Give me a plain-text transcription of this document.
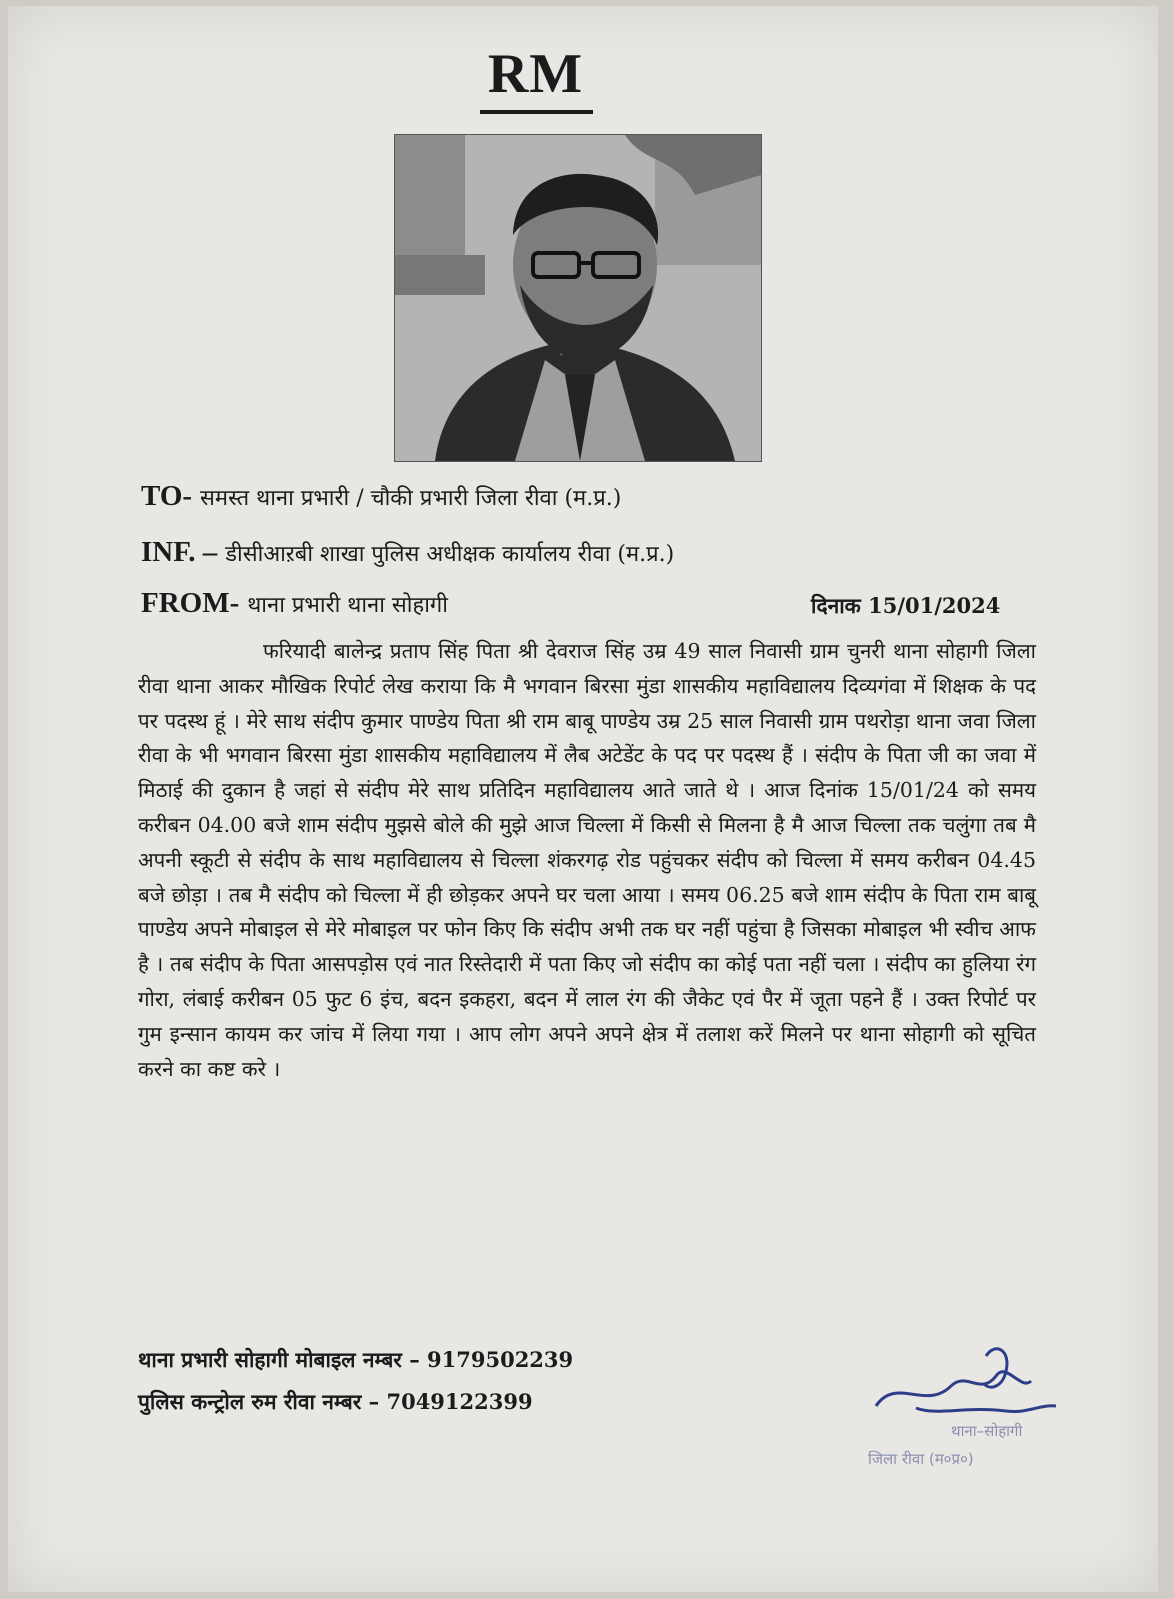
RM
TO- समस्त थाना प्रभारी / चौकी प्रभारी जिला रीवा (म.प्र.)
INF. – डीसीआऱबी शाखा पुलिस अधीक्षक कार्यालय रीवा (म.प्र.)
FROM- थाना प्रभारी थाना सोहागी	दिनाक 15/01/2024

फरियादी बालेन्द्र प्रताप सिंह पिता श्री देवराज सिंह उम्र 49 साल निवासी ग्राम चुनरी थाना सोहागी जिला रीवा थाना आकर मौखिक रिपोर्ट लेख कराया कि मै भगवान बिरसा मुंडा शासकीय महाविद्यालय दिव्यगंवा में शिक्षक के पद पर पदस्थ हूं । मेरे साथ संदीप कुमार पाण्डेय पिता श्री राम बाबू पाण्डेय उम्र 25 साल निवासी ग्राम पथरोड़ा थाना जवा जिला रीवा के भी भगवान बिरसा मुंडा शासकीय महाविद्यालय में लैब अटेडेंट के पद पर पदस्थ हैं । संदीप के पिता जी का जवा में मिठाई की दुकान है जहां से संदीप मेरे साथ प्रतिदिन महाविद्यालय आते जाते थे । आज दिनांक 15/01/24 को समय करीबन 04.00 बजे शाम संदीप मुझसे बोले की मुझे आज चिल्ला में किसी से मिलना है मै आज चिल्ला तक चलुंगा तब मै अपनी स्कूटी से संदीप के साथ महाविद्यालय से चिल्ला शंकरगढ़ रोड पहुंचकर संदीप को चिल्ला में समय करीबन 04.45 बजे छोड़ा । तब मै संदीप को चिल्ला में ही छोड़कर अपने घर चला आया । समय 06.25 बजे शाम संदीप के पिता राम बाबू पाण्डेय अपने मोबाइल से मेरे मोबाइल पर फोन किए कि संदीप अभी तक घर नहीं पहुंचा है जिसका मोबाइल भी स्वीच आफ है । तब संदीप के पिता आसपड़ोस एवं नात रिस्तेदारी में पता किए जो संदीप का कोई पता नहीं चला । संदीप का हुलिया रंग गोरा, लंबाई करीबन 05 फुट 6 इंच, बदन इकहरा, बदन में लाल रंग की जैकेट एवं पैर में जूता पहने हैं । उक्त रिपोर्ट पर गुम इन्सान कायम कर जांच में लिया गया । आप लोग अपने अपने क्षेत्र में तलाश करें मिलने पर थाना सोहागी को सूचित करने का कष्ट करे ।

थाना प्रभारी सोहागी मोबाइल नम्बर – 9179502239
पुलिस कन्ट्रोल रुम रीवा नम्बर – 7049122399
थाना–सोहागी
जिला रीवा (म०प्र०)
